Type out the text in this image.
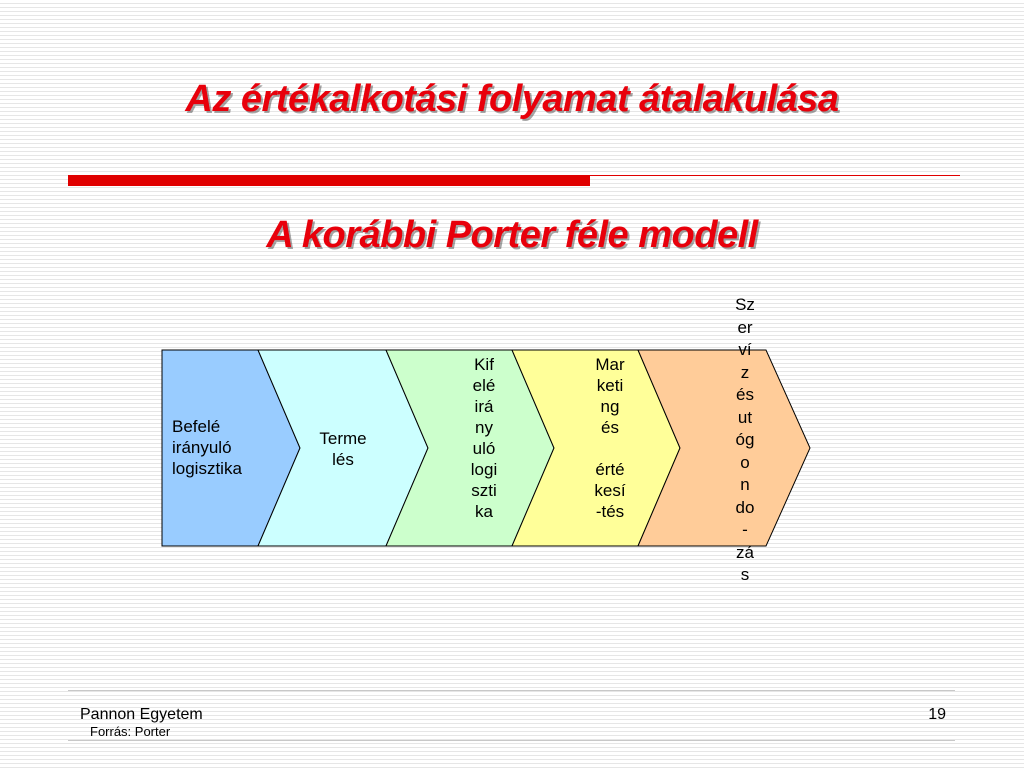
Az értékalkotási folyamat átalakulása
A korábbi Porter féle modell
Befelé
irányuló
logisztika
Terme
lés
Kif
elé
irá
ny
uló
logi
szti
ka
Mar
keti
ng
és

érté
kesí
-tés
Sz
er
ví
z
és
ut
óg
o
n
do
-
zá
s
Pannon Egyetem
Forrás: Porter
19
